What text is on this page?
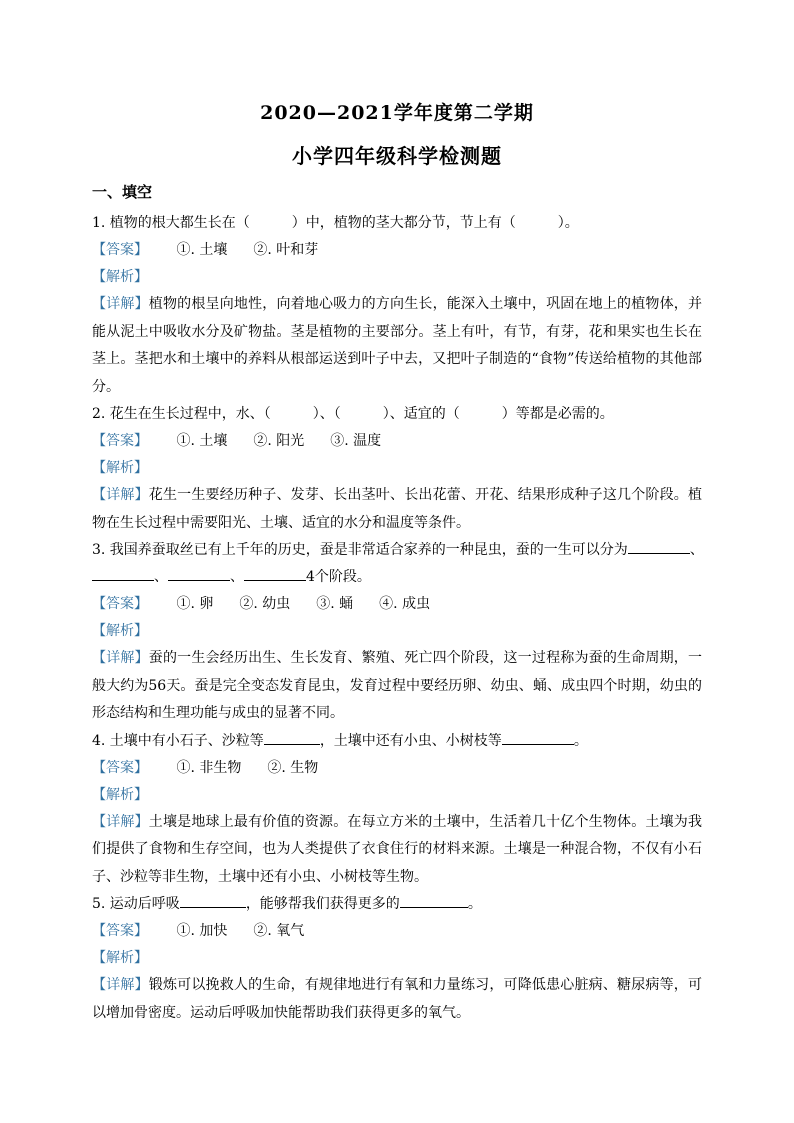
2020—2021学年度第二学期
小学四年级科学检测题
一、填空
1. 植物的根大都生长在（　　　）中，植物的茎大都分节，节上有（　　　）。
【答案】 ①. 土壤 ②. 叶和芽
【解析】
【详解】植物的根呈向地性，向着地心吸力的方向生长，能深入土壤中，巩固在地上的植物体，并能从泥土中吸收水分及矿物盐。茎是植物的主要部分。茎上有叶，有节，有芽，花和果实也生长在茎上。茎把水和土壤中的养料从根部运送到叶子中去，又把叶子制造的“食物”传送给植物的其他部分。
2. 花生在生长过程中，水、（　　　）、（　　　）、适宜的（　　　）等都是必需的。
【答案】 ①. 土壤 ②. 阳光 ③. 温度
【解析】
【详解】花生一生要经历种子、发芽、长出茎叶、长出花蕾、开花、结果形成种子这几个阶段。植物在生长过程中需要阳光、土壤、适宜的水分和温度等条件。
3. 我国养蚕取丝已有上千年的历史，蚕是非常适合家养的一种昆虫，蚕的一生可以分为	、
、	、	4个阶段。
【答案】 ①. 卵 ②. 幼虫 ③. 蛹 ④. 成虫
【解析】
【详解】蚕的一生会经历出生、生长发育、繁殖、死亡四个阶段，这一过程称为蚕的生命周期，一般大约为56天。蚕是完全变态发育昆虫，发育过程中要经历卵、幼虫、蛹、成虫四个时期，幼虫的形态结构和生理功能与成虫的显著不同。
4. 土壤中有小石子、沙粒等	，土壤中还有小虫、小树枝等	。
【答案】 ①. 非生物 ②. 生物
【解析】
【详解】土壤是地球上最有价值的资源。在每立方米的土壤中，生活着几十亿个生物体。土壤为我们提供了食物和生存空间，也为人类提供了衣食住行的材料来源。土壤是一种混合物，不仅有小石子、沙粒等非生物，土壤中还有小虫、小树枝等生物。
5. 运动后呼吸	，能够帮我们获得更多的	。
【答案】 ①. 加快 ②. 氧气
【解析】
【详解】锻炼可以挽救人的生命，有规律地进行有氧和力量练习，可降低患心脏病、糖尿病等，可以增加骨密度。运动后呼吸加快能帮助我们获得更多的氧气。
